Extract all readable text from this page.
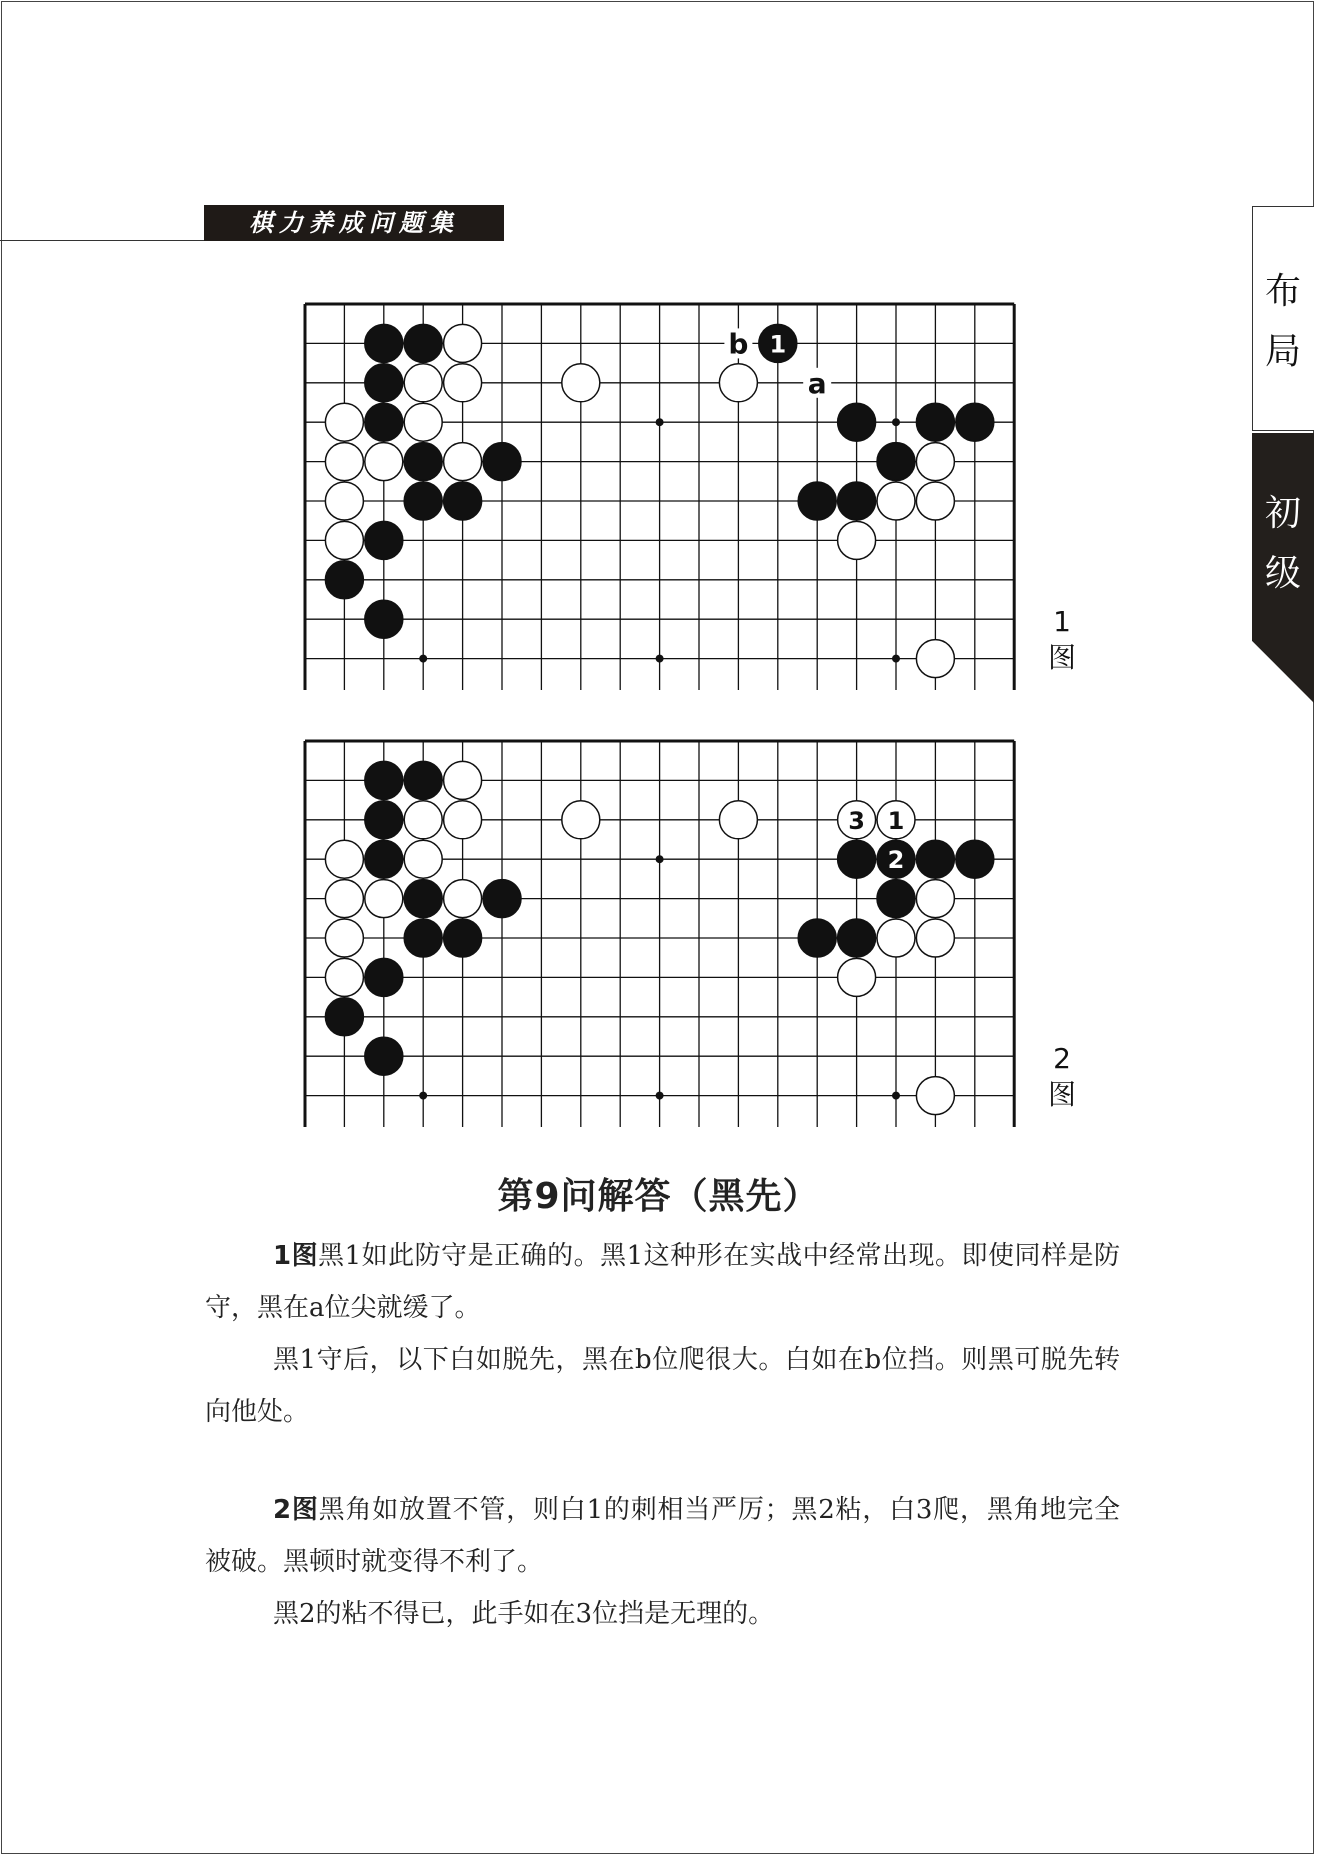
棋力养成问题集
布 局
初
级
1
b
a
1
图
1
2
3
2
图
第9问解答（黑先）
1图黑1如此防守是正确的。黑1这种形在实战中经常出现。即使同样是防守，黑在a位尖就缓了。
黑1守后，以下白如脱先，黑在b位爬很大。白如在b位挡。则黑可脱先转向他处。
2图黑角如放置不管，则白1的刺相当严厉；黑2粘，白3爬，黑角地完全被破。黑顿时就变得不利了。
黑2的粘不得已，此手如在3位挡是无理的。
